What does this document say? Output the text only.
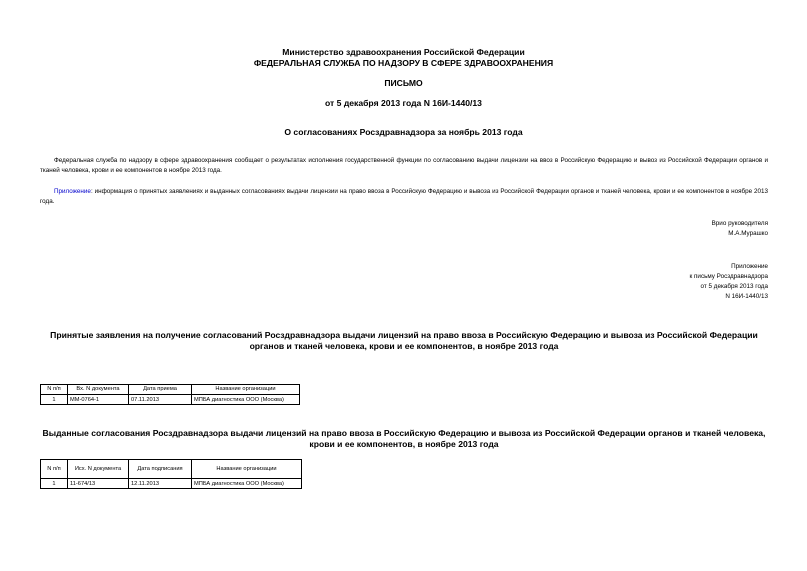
Министерство здравоохранения Российской Федерации
ФЕДЕРАЛЬНАЯ СЛУЖБА ПО НАДЗОРУ В СФЕРЕ ЗДРАВООХРАНЕНИЯ
ПИСЬМО
от 5 декабря 2013 года N 16И-1440/13
О согласованиях Росздравнадзора за ноябрь 2013 года
Федеральная служба по надзору в сфере здравоохранения сообщает о результатах исполнения государственной функции по согласованию выдачи лицензии на ввоз в Российскую Федерацию и вывоз из Российской Федерации органов и тканей человека, крови и ее компонентов в ноябре 2013 года.
Приложение: информация о принятых заявлениях и выданных согласованиях выдачи лицензии на право ввоза в Российскую Федерацию и вывоза из Российской Федерации органов и тканей человека, крови и ее компонентов в ноябре 2013 года.
Врио руководителя
М.А.Мурашко
Приложение
к письму Росздравнадзора
от 5 декабря 2013 года
N 16И-1440/13
Принятые заявления на получение согласований Росздравнадзора выдачи лицензий на право ввоза в Российскую Федерацию и вывоза из Российской Федерации органов и тканей человека, крови и ее компонентов, в ноябре 2013 года
N п/п	Вх. N документа	Дата приема	Название организации
1	ММ-0764-1	07.11.2013	МПБА диагностика ООО (Москва)
Выданные согласования Росздравнадзора выдачи лицензий на право ввоза в Российскую Федерацию и вывоза из Российской Федерации органов и тканей человека, крови и ее компонентов, в ноябре 2013 года
N п/п	Исх. N документа	Дата подписания	Название организации
1	11-674/13	12.11.2013	МПБА диагностика ООО (Москва)
